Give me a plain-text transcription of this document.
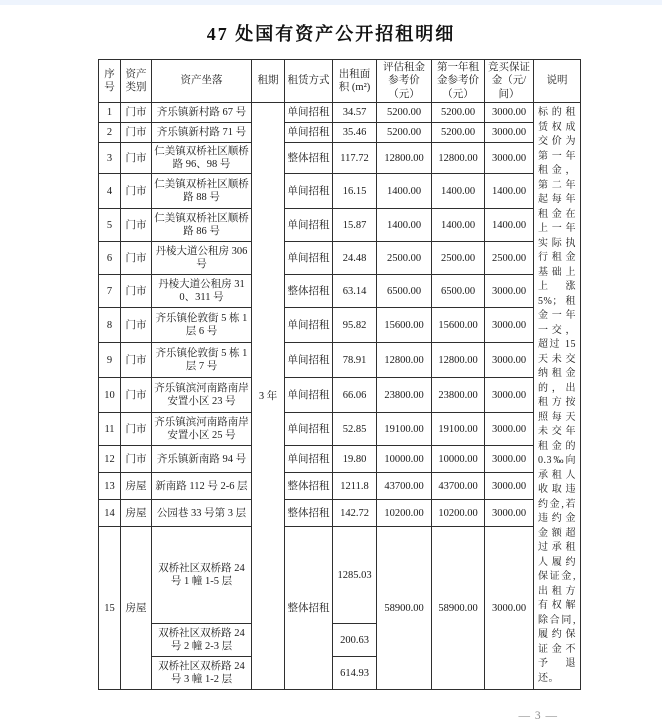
47 处国有资产公开招租明细
序号	资产类别	资产坐落	租期	租赁方式	出租面积 (m²)	评估租金参考价（元）	第一年租金参考价（元）	竞买保证金（元/间）	说明
1	门市	齐乐镇新村路 67 号	3 年	单间招租	34.57	5200.00	5200.00	3000.00	标的租赁权成交价为第一年租金，第二年起每年租金在上一年实际执行租金基础上上涨 5%；租金一年一交，超过 15 天未交纳租金的，出租方按照每天未交年租金的 0.3‰向承租人收取违约金,若违约金金额超过承租人履约保证金,出租方有权解除合同,履约保证金不予退还。
2	门市	齐乐镇新村路 71 号		单间招租	35.46	5200.00	5200.00	3000.00	
3	门市	仁美镇双桥社区顺桥路 96、98 号		整体招租	117.72	12800.00	12800.00	3000.00	
4	门市	仁美镇双桥社区顺桥路 88 号		单间招租	16.15	1400.00	1400.00	1400.00	
5	门市	仁美镇双桥社区顺桥路 86 号		单间招租	15.87	1400.00	1400.00	1400.00	
6	门市	丹棱大道公租房 306 号		单间招租	24.48	2500.00	2500.00	2500.00	
7	门市	丹棱大道公租房 310、311 号		整体招租	63.14	6500.00	6500.00	3000.00	
8	门市	齐乐镇伦敦街 5 栋 1 层 6 号		单间招租	95.82	15600.00	15600.00	3000.00	
9	门市	齐乐镇伦敦街 5 栋 1 层 7 号		单间招租	78.91	12800.00	12800.00	3000.00	
10	门市	齐乐镇滨河南路南岸安置小区 23 号		单间招租	66.06	23800.00	23800.00	3000.00	
11	门市	齐乐镇滨河南路南岸安置小区 25 号		单间招租	52.85	19100.00	19100.00	3000.00	
12	门市	齐乐镇新南路 94 号		单间招租	19.80	10000.00	10000.00	3000.00	
13	房屋	新南路 112 号 2-6 层		整体招租	1211.8	43700.00	43700.00	3000.00	
14	房屋	公园巷 33 号第 3 层		整体招租	142.72	10200.00	10200.00	3000.00	
15	房屋	双桥社区双桥路 24 号 1 幢 1-5 层		整体招租	1285.03	58900.00	58900.00	3000.00	
		双桥社区双桥路 24 号 2 幢 2-3 层			200.63				
		双桥社区双桥路 24 号 3 幢 1-2 层			614.93				
— 3 —
